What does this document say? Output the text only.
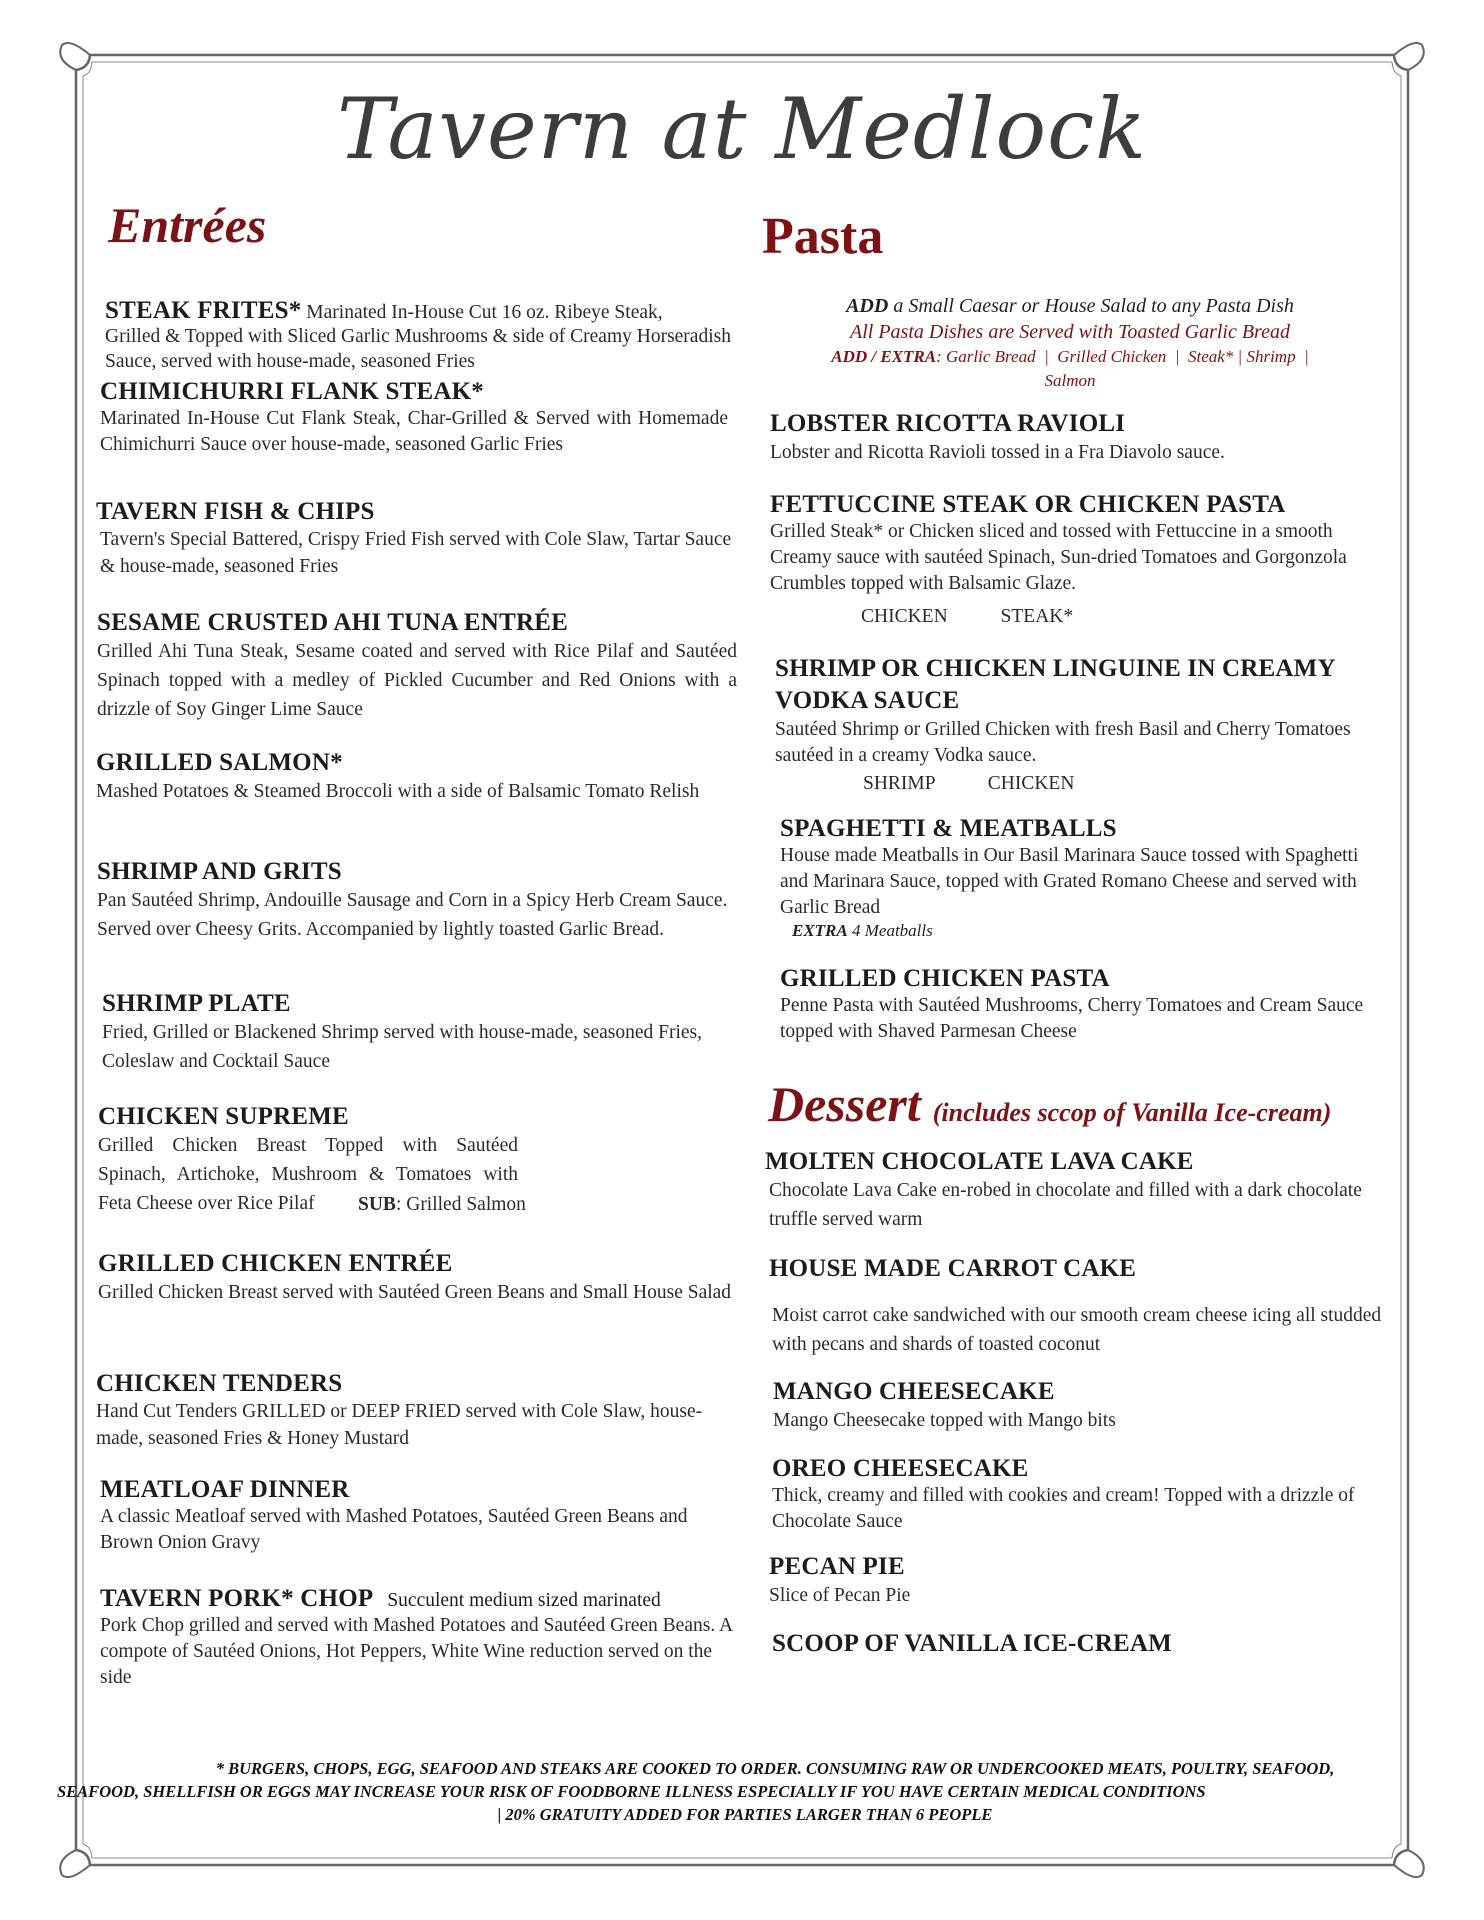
Tavern at Medlock
Entrées
STEAK FRITES* Marinated In-House Cut 16 oz. Ribeye Steak,
Grilled & Topped with Sliced Garlic Mushrooms & side of Creamy Horseradish Sauce, served with house-made, seasoned Fries
CHIMICHURRI FLANK STEAK*
Marinated In-House Cut Flank Steak, Char-Grilled & Served with Homemade Chimichurri Sauce over house-made, seasoned Garlic Fries
TAVERN FISH & CHIPS
Tavern's Special Battered, Crispy Fried Fish served with Cole Slaw, Tartar Sauce & house-made, seasoned Fries
SESAME CRUSTED AHI TUNA ENTRÉE
Grilled Ahi Tuna Steak, Sesame coated and served with Rice Pilaf and Sautéed Spinach topped with a medley of Pickled Cucumber and Red Onions with a drizzle of Soy Ginger Lime Sauce
GRILLED SALMON*
Mashed Potatoes & Steamed Broccoli with a side of Balsamic Tomato Relish
SHRIMP AND GRITS
Pan Sautéed Shrimp, Andouille Sausage and Corn in a Spicy Herb Cream Sauce. Served over Cheesy Grits. Accompanied by lightly toasted Garlic Bread.
SHRIMP PLATE
Fried, Grilled or Blackened Shrimp served with house-made, seasoned Fries, Coleslaw and Cocktail Sauce
CHICKEN SUPREME
Grilled Chicken Breast Topped with Sautéed Spinach, Artichoke, Mushroom & Tomatoes with Feta Cheese over Rice Pilaf	SUB: Grilled Salmon
GRILLED CHICKEN ENTRÉE
Grilled Chicken Breast served with Sautéed Green Beans and Small House Salad
CHICKEN TENDERS
Hand Cut Tenders GRILLED or DEEP FRIED served with Cole Slaw, house-made, seasoned Fries & Honey Mustard
MEATLOAF DINNER
A classic Meatloaf served with Mashed Potatoes, Sautéed Green Beans and Brown Onion Gravy
TAVERN PORK* CHOP Succulent medium sized marinated
Pork Chop grilled and served with Mashed Potatoes and Sautéed Green Beans. A compote of Sautéed Onions, Hot Peppers, White Wine reduction served on the side
Pasta
ADD a Small Caesar or House Salad to any Pasta Dish
All Pasta Dishes are Served with Toasted Garlic Bread
ADD / EXTRA: Garlic Bread  |  Grilled Chicken  |  Steak* | Shrimp  |
Salmon
LOBSTER RICOTTA RAVIOLI
Lobster and Ricotta Ravioli tossed in a Fra Diavolo sauce.
FETTUCCINE STEAK OR CHICKEN PASTA
Grilled Steak* or Chicken sliced and tossed with Fettuccine in a smooth Creamy sauce with sautéed Spinach, Sun-dried Tomatoes and Gorgonzola Crumbles topped with Balsamic Glaze.
CHICKEN	STEAK*
SHRIMP OR CHICKEN LINGUINE IN CREAMY VODKA SAUCE
Sautéed Shrimp or Grilled Chicken with fresh Basil and Cherry Tomatoes sautéed in a creamy Vodka sauce.
SHRIMP	CHICKEN
SPAGHETTI & MEATBALLS
House made Meatballs in Our Basil Marinara Sauce tossed with Spaghetti and Marinara Sauce, topped with Grated Romano Cheese and served with Garlic Bread
EXTRA 4 Meatballs
GRILLED CHICKEN PASTA
Penne Pasta with Sautéed Mushrooms, Cherry Tomatoes and Cream Sauce topped with Shaved Parmesan Cheese
Dessert (includes sccop of Vanilla Ice-cream)
MOLTEN CHOCOLATE LAVA CAKE
Chocolate Lava Cake en-robed in chocolate and filled with a dark chocolate truffle served warm
HOUSE MADE CARROT CAKE
Moist carrot cake sandwiched with our smooth cream cheese icing all studded with pecans and shards of toasted coconut
MANGO CHEESECAKE
Mango Cheesecake topped with Mango bits
OREO CHEESECAKE
Thick, creamy and filled with cookies and cream! Topped with a drizzle of Chocolate Sauce
PECAN PIE
Slice of Pecan Pie
SCOOP OF VANILLA ICE-CREAM
* BURGERS, CHOPS, EGG, SEAFOOD AND STEAKS ARE COOKED TO ORDER. CONSUMING RAW OR UNDERCOOKED MEATS, POULTRY, SEAFOOD,
SEAFOOD, SHELLFISH OR EGGS MAY INCREASE YOUR RISK OF FOODBORNE ILLNESS ESPECIALLY IF YOU HAVE CERTAIN MEDICAL CONDITIONS
| 20% GRATUITY ADDED FOR PARTIES LARGER THAN 6 PEOPLE
